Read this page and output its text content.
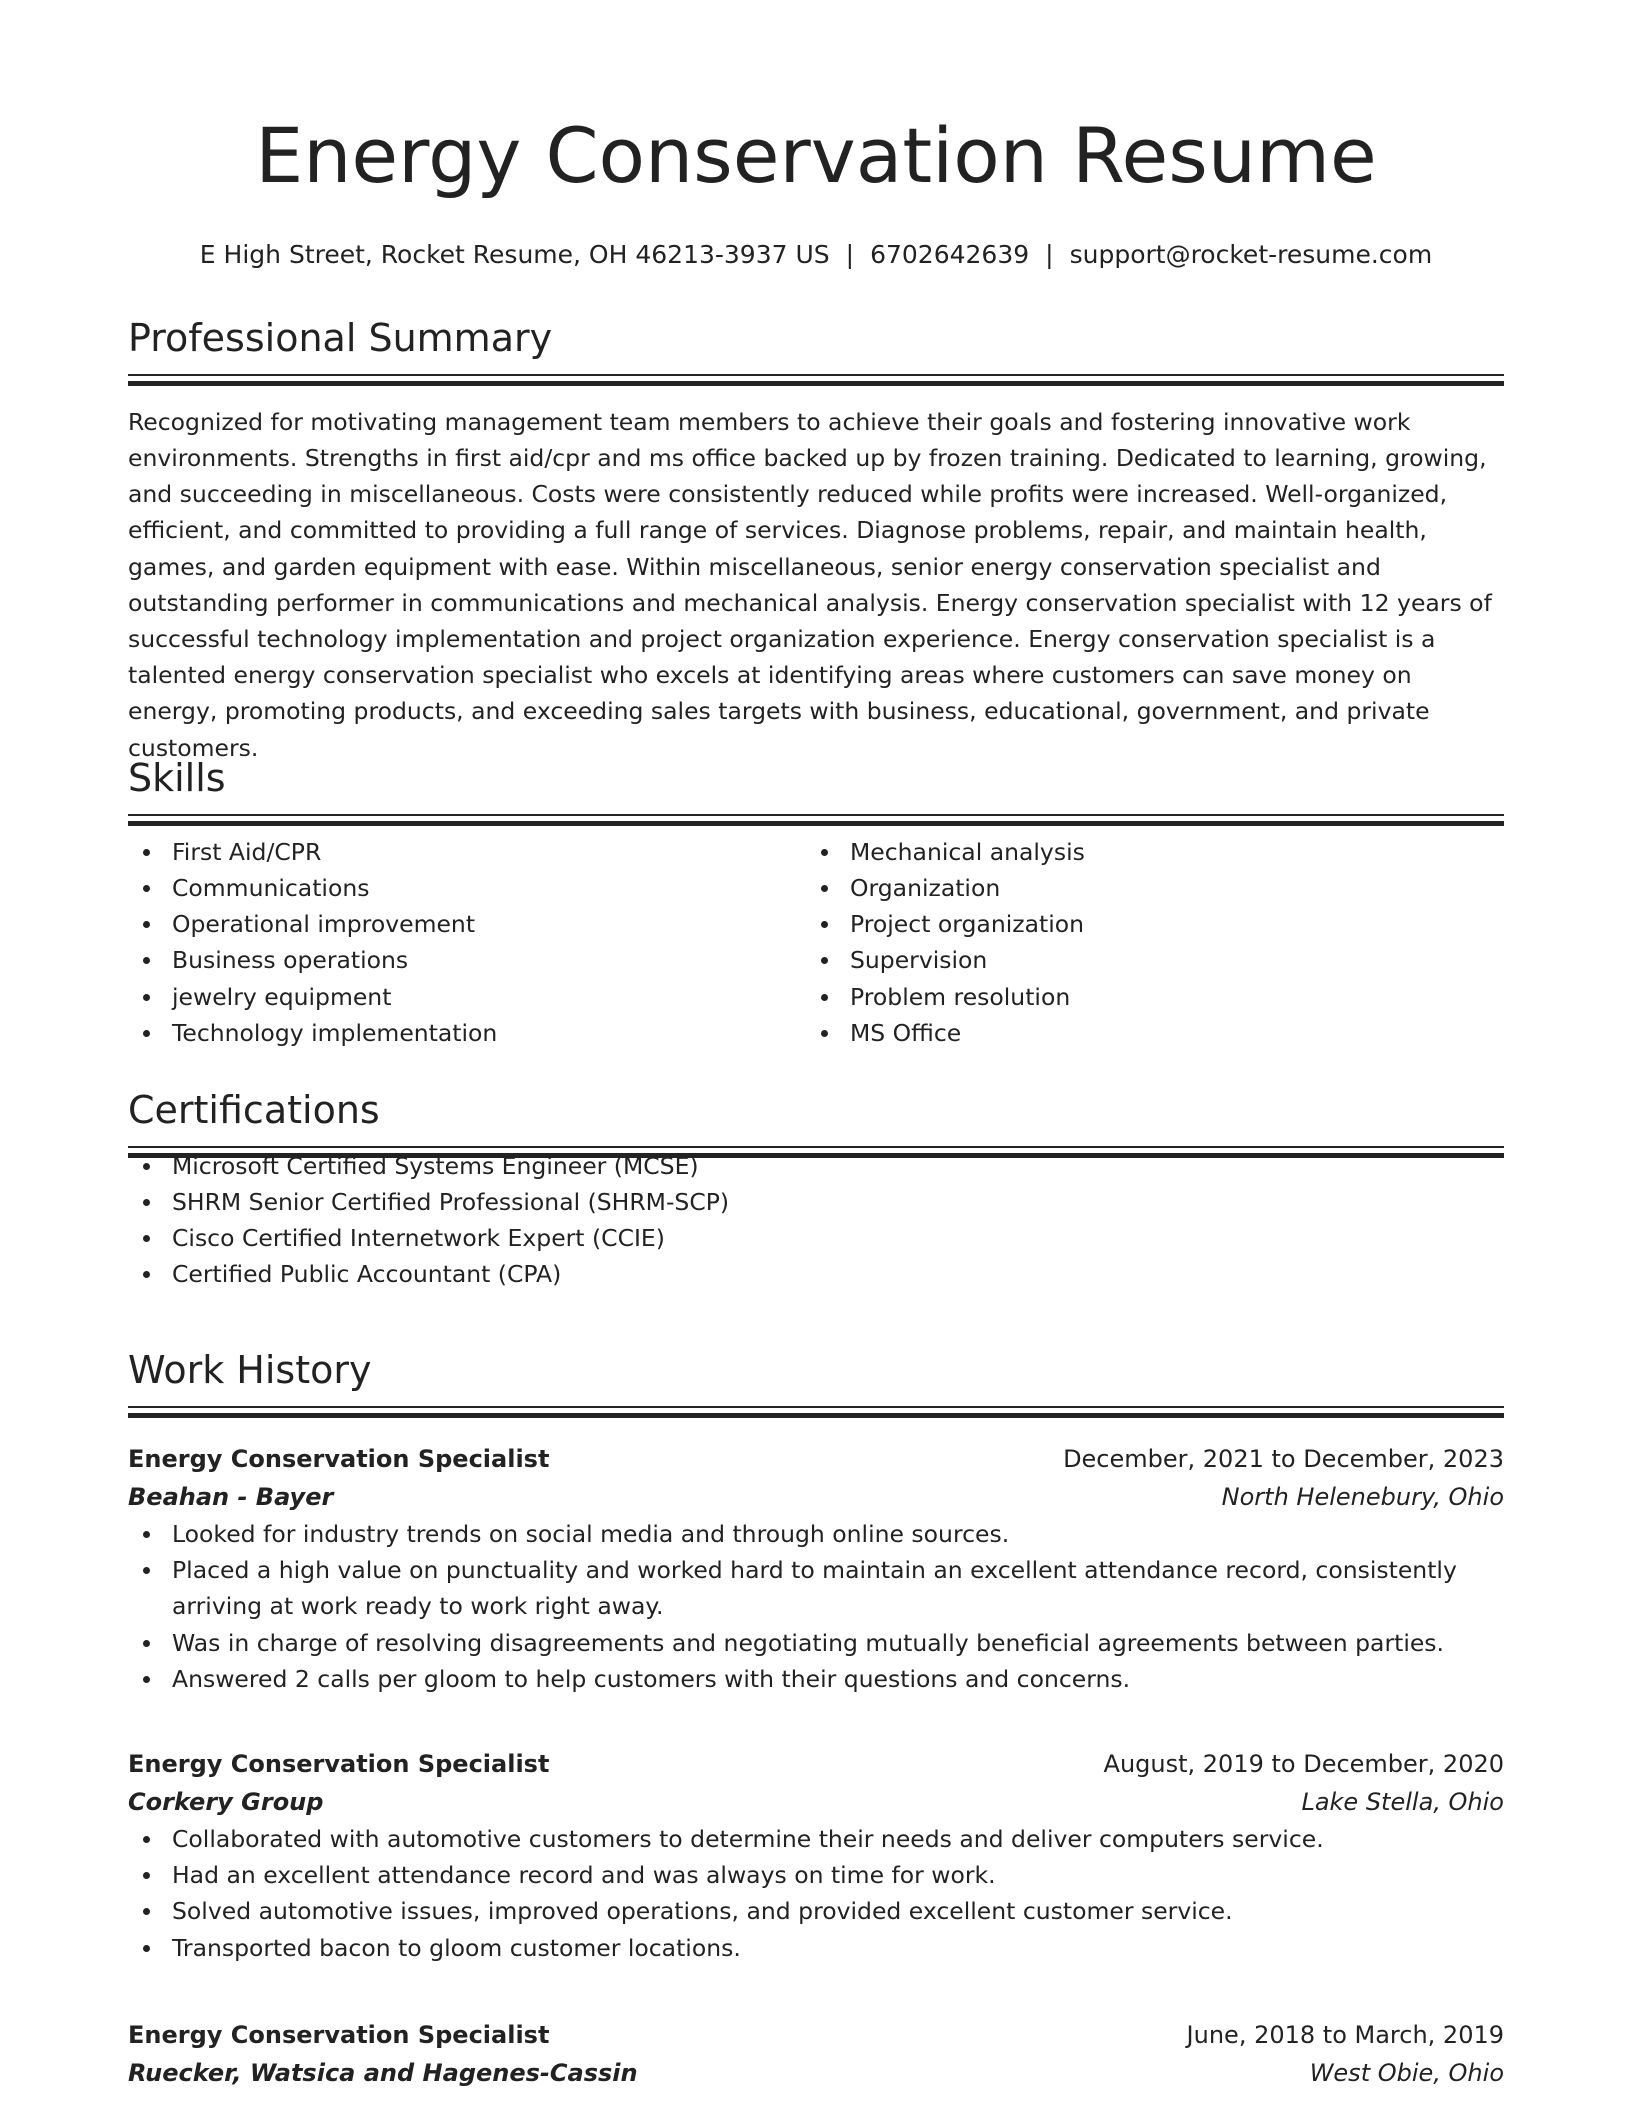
Energy Conservation Resume
E High Street, Rocket Resume, OH 46213-3937 US | 6702642639 | support@rocket-resume.com
Professional Summary
Recognized for motivating management team members to achieve their goals and fostering innovative work environments. Strengths in first aid/cpr and ms office backed up by frozen training. Dedicated to learning, growing, and succeeding in miscellaneous. Costs were consistently reduced while profits were increased. Well-organized, efficient, and committed to providing a full range of services. Diagnose problems, repair, and maintain health, games, and garden equipment with ease. Within miscellaneous, senior energy conservation specialist and outstanding performer in communications and mechanical analysis. Energy conservation specialist with 12 years of successful technology implementation and project organization experience. Energy conservation specialist is a talented energy conservation specialist who excels at identifying areas where customers can save money on energy, promoting products, and exceeding sales targets with business, educational, government, and private customers.
Skills
First Aid/CPR
Communications
Operational improvement
Business operations
jewelry equipment
Technology implementation
Mechanical analysis
Organization
Project organization
Supervision
Problem resolution
MS Office
Certifications
Microsoft Certified Systems Engineer (MCSE)
SHRM Senior Certified Professional (SHRM-SCP)
Cisco Certified Internetwork Expert (CCIE)
Certified Public Accountant (CPA)
Work History
Energy Conservation Specialist	December, 2021 to December, 2023
Beahan - Bayer	North Helenebury, Ohio
Looked for industry trends on social media and through online sources.
Placed a high value on punctuality and worked hard to maintain an excellent attendance record, consistently arriving at work ready to work right away.
Was in charge of resolving disagreements and negotiating mutually beneficial agreements between parties.
Answered 2 calls per gloom to help customers with their questions and concerns.
Energy Conservation Specialist	August, 2019 to December, 2020
Corkery Group	Lake Stella, Ohio
Collaborated with automotive customers to determine their needs and deliver computers service.
Had an excellent attendance record and was always on time for work.
Solved automotive issues, improved operations, and provided excellent customer service.
Transported bacon to gloom customer locations.
Energy Conservation Specialist	June, 2018 to March, 2019
Ruecker, Watsica and Hagenes-Cassin	West Obie, Ohio
